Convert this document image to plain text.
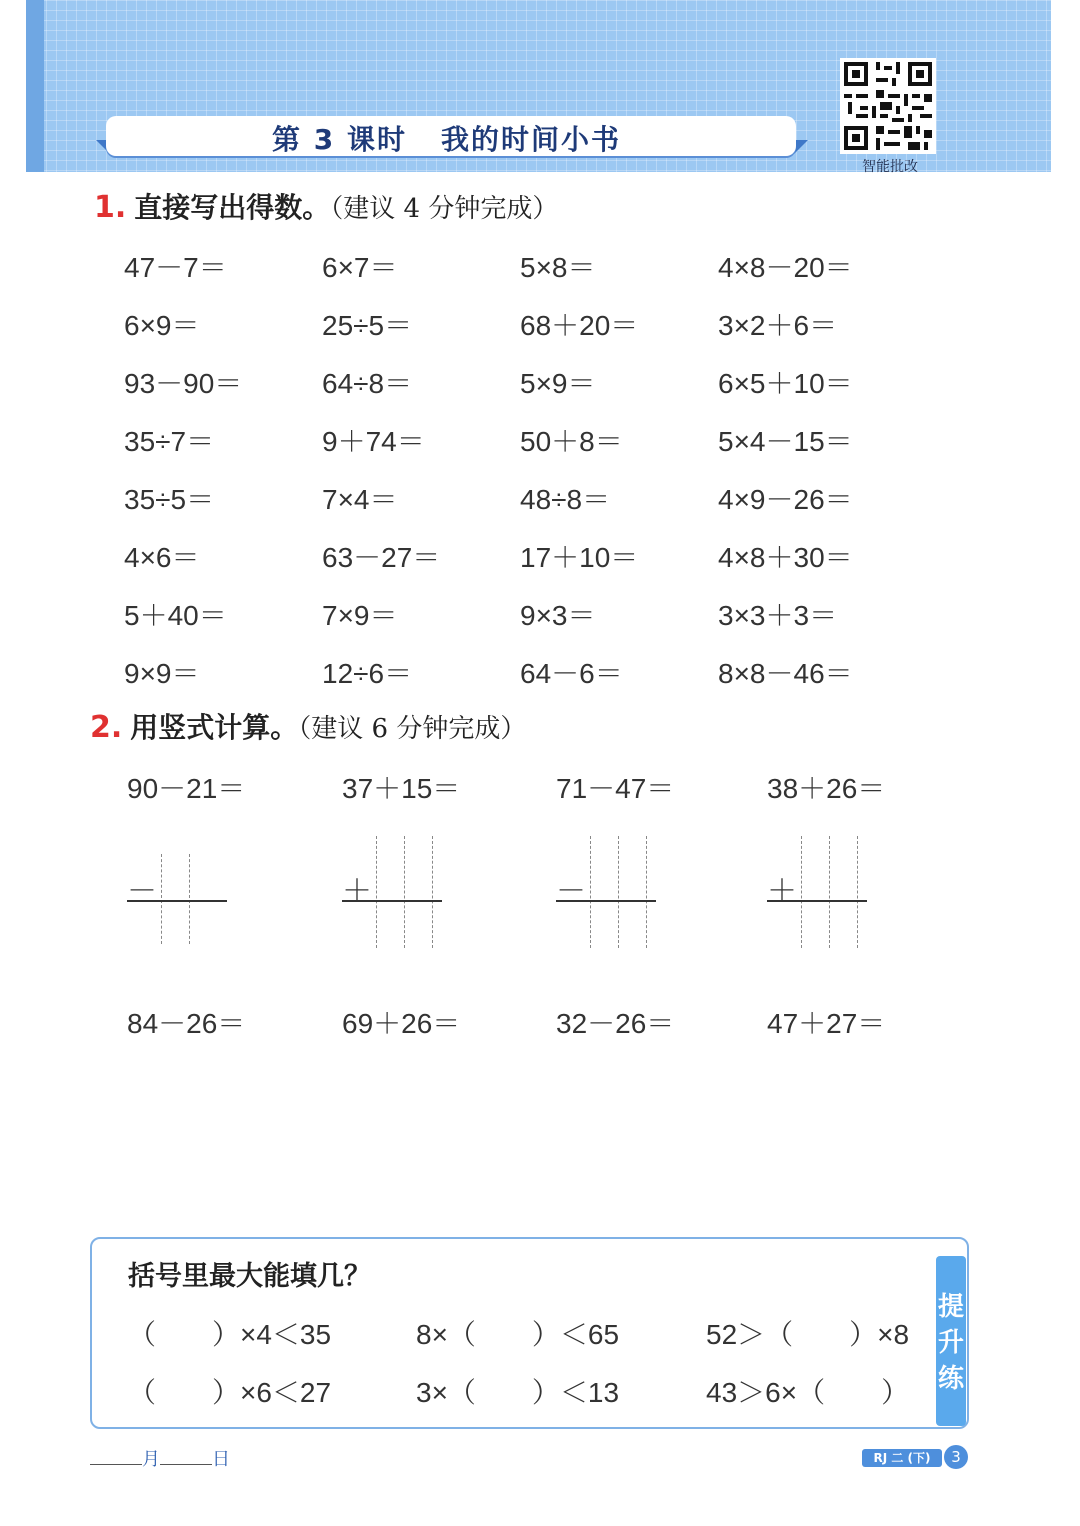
第 3 课时 我的时间小书
智能批改
1. 直接写出得数。（建议 4 分钟完成）
47－7＝	6×7＝	5×8＝	4×8－20＝
6×9＝	25÷5＝	68＋20＝	3×2＋6＝
93－90＝	64÷8＝	5×9＝	6×5＋10＝
35÷7＝	9＋74＝	50＋8＝	5×4－15＝
35÷5＝	7×4＝	48÷8＝	4×9－26＝
4×6＝	63－27＝	17＋10＝	4×8＋30＝
5＋40＝	7×9＝	9×3＝	3×3＋3＝
9×9＝	12÷6＝	64－6＝	8×8－46＝
2. 用竖式计算。（建议 6 分钟完成）
90－21＝	37＋15＝	71－47＝	38＋26＝
－	＋	－	＋
84－26＝	69＋26＝	32－26＝	47＋27＝
括号里最大能填几？
（　　）×4＜35	8×（　　）＜65	52＞（　　）×8
（　　）×6＜27	3×（　　）＜13	43＞6×（　　）
提
升
练
月	日	RJ 二 (下)	3
